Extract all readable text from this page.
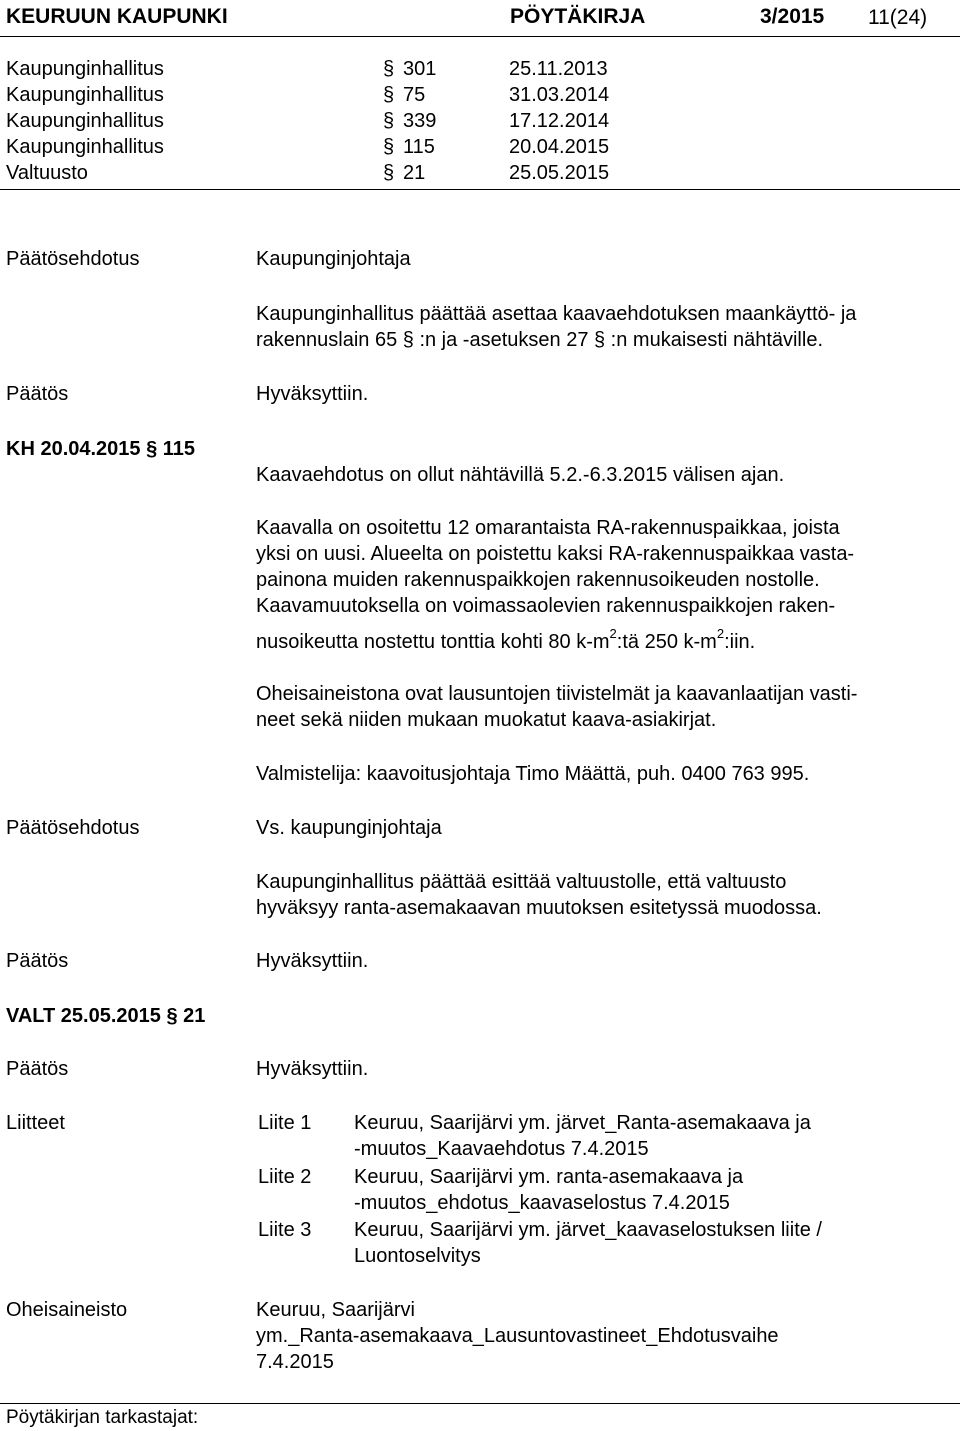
KEURUUN KAUPUNKI	PÖYTÄKIRJA	3/2015 11(24)
Kaupunginhallitus	§ 301	25.11.2013
Kaupunginhallitus	§ 75	31.03.2014
Kaupunginhallitus	§ 339	17.12.2014
Kaupunginhallitus	§ 115	20.04.2015
Valtuusto	§ 21	25.05.2015
Päätösehdotus	Kaupunginjohtaja
Kaupunginhallitus päättää asettaa kaavaehdotuksen maankäyttö- ja
rakennuslain 65 § :n ja -asetuksen 27 § :n mukaisesti nähtäville.
Päätös	Hyväksyttiin.
KH 20.04.2015 § 115
Kaavaehdotus on ollut nähtävillä 5.2.-6.3.2015 välisen ajan.
Kaavalla on osoitettu 12 omarantaista RA-rakennuspaikkaa, joista
yksi on uusi. Alueelta on poistettu kaksi RA-rakennuspaikkaa vasta-
painona muiden rakennuspaikkojen rakennusoikeuden nostolle.
Kaavamuutoksella on voimassaolevien rakennuspaikkojen raken-
nusoikeutta nostettu tonttia kohti 80 $k-m^2:tä$ 250 $k-m^2:iin$.
Oheisaineistona ovat lausuntojen tiivistelmät ja kaavanlaatijan vasti-
neet sekä niiden mukaan muokatut kaava-asiakirjat.
Valmistelija: kaavoitusjohtaja Timo Määttä, puh. 0400 763 995.
Päätösehdotus	Vs. kaupunginjohtaja
Kaupunginhallitus päättää esittää valtuustolle, että valtuusto
hyväksyy ranta-asemakaavan muutoksen esitetyssä muodossa.
Päätös	Hyväksyttiin.
VALT 25.05.2015 § 21
Päätös	Hyväksyttiin.
Liitteet	Liite 1 Keuruu, Saarijärvi ym. järvet_Ranta-asemakaava ja
-muutos_Kaavaehdotus 7.4.2015
Liite 2 Keuruu, Saarijärvi ym. ranta-asemakaava ja
-muutos_ehdotus_kaavaselostus 7.4.2015
Liite 3 Keuruu, Saarijärvi ym. järvet_kaavaselostuksen liite /
Luontoselvitys
Oheisaineisto	Keuruu, Saarijärvi
ym._Ranta-asemakaava_Lausuntovastineet_Ehdotusvaihe
7.4.2015
Pöytäkirjan tarkastajat:
